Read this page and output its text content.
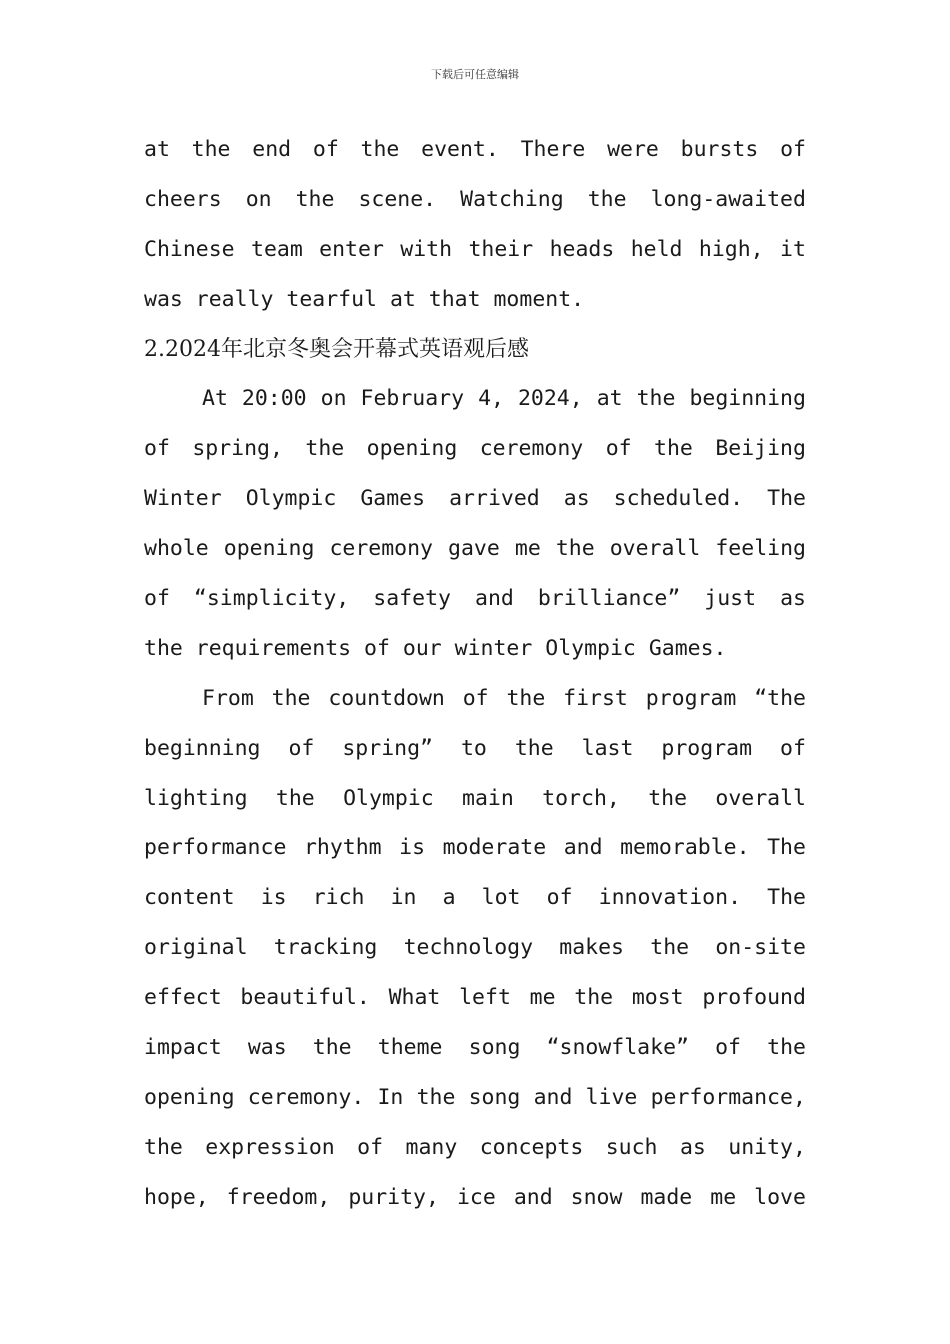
下载后可任意编辑
at the end of the event. There were bursts of
cheers on the scene. Watching the long-awaited
Chinese team enter with their heads held high, it
was really tearful at that moment.
2.2024年北京冬奥会开幕式英语观后感
At 20:00 on February 4, 2024, at the beginning
of spring, the opening ceremony of the Beijing
Winter Olympic Games arrived as scheduled. The
whole opening ceremony gave me the overall feeling
of “simplicity, safety and brilliance” just as
the requirements of our winter Olympic Games.
From the countdown of the first program “the
beginning of spring” to the last program of
lighting the Olympic main torch, the overall
performance rhythm is moderate and memorable. The
content is rich in a lot of innovation. The
original tracking technology makes the on-site
effect beautiful. What left me the most profound
impact was the theme song “snowflake” of the
opening ceremony. In the song and live performance,
the expression of many concepts such as unity,
hope, freedom, purity, ice and snow made me love
